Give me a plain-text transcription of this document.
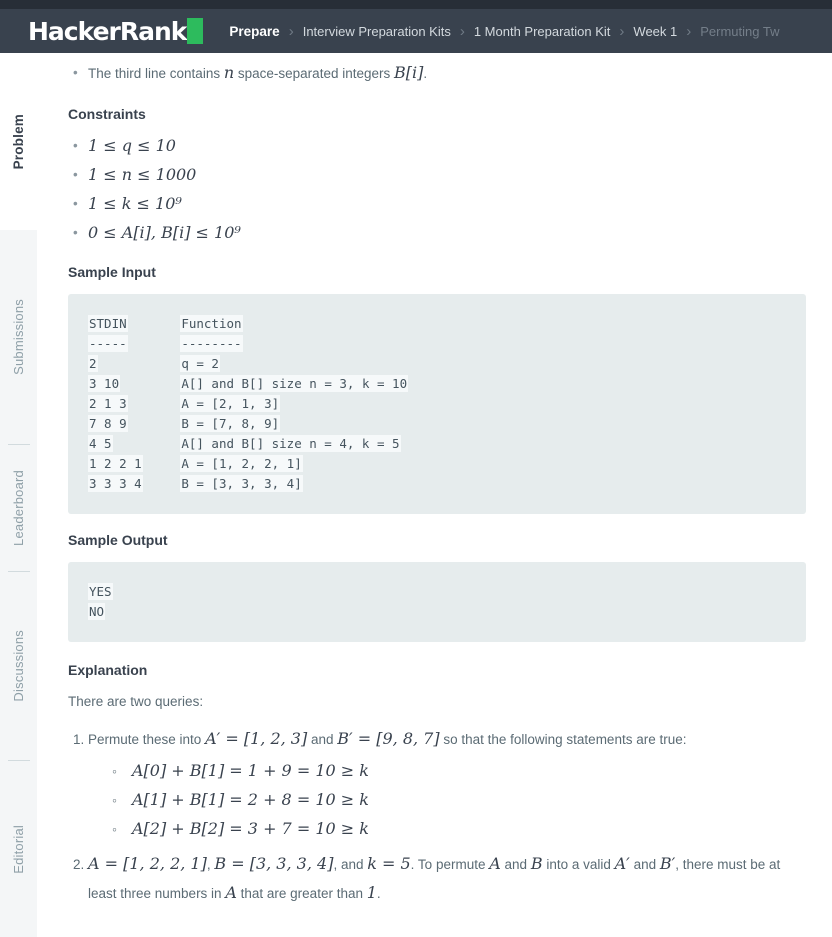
HackerRank	Prepare › Interview Preparation Kits › 1 Month Preparation Kit › Week 1 › Permuting Tw
Problem
Submissions
Leaderboard
Discussions
Editorial
• The third line contains n space-separated integers B[i].
Constraints
• 1 ≤ q ≤ 10
• 1 ≤ n ≤ 1000
• 1 ≤ k ≤ 10⁹
• 0 ≤ A[i], B[i] ≤ 10⁹
Sample Input
STDIN	Function
-----	--------
2	q = 2
3 10	A[] and B[] size n = 3, k = 10
2 1 3	A = [2, 1, 3]
7 8 9	B = [7, 8, 9]
4 5	A[] and B[] size n = 4, k = 5
1 2 2 1	A = [1, 2, 2, 1]
3 3 3 4	B = [3, 3, 3, 4]
Sample Output
YES
NO
Explanation

There are two queries:

1. Permute these into A′ = [1, 2, 3] and B′ = [9, 8, 7] so that the following statements are true:
◦ A[0] + B[1] = 1 + 9 = 10 ≥ k
◦ A[1] + B[1] = 2 + 8 = 10 ≥ k
◦ A[2] + B[2] = 3 + 7 = 10 ≥ k
2. A = [1, 2, 2, 1], B = [3, 3, 3, 4], and k = 5. To permute A and B into a valid A′ and B′, there must be at least three numbers in A that are greater than 1.
